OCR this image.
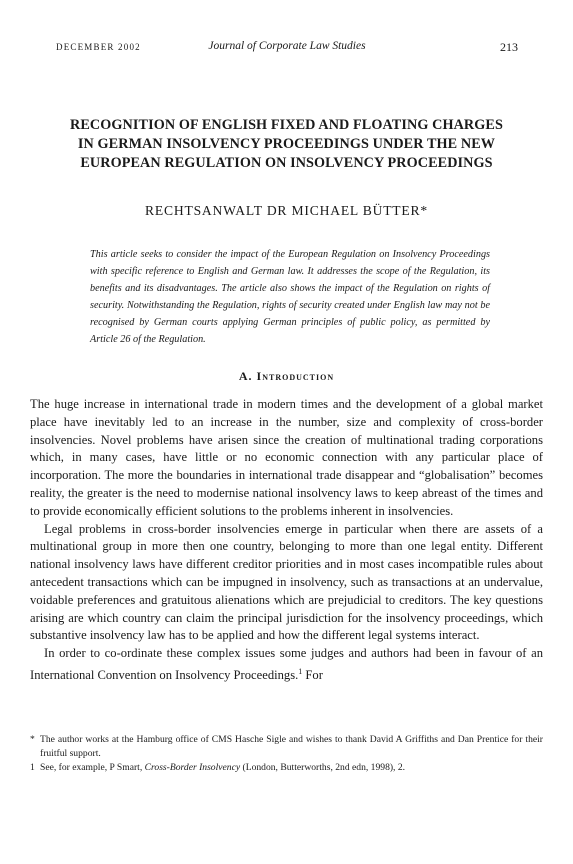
DECEMBER 2002	Journal of Corporate Law Studies	213
RECOGNITION OF ENGLISH FIXED AND FLOATING CHARGES
IN GERMAN INSOLVENCY PROCEEDINGS UNDER THE NEW
EUROPEAN REGULATION ON INSOLVENCY PROCEEDINGS
RECHTSANWALT DR MICHAEL BÜTTER*
This article seeks to consider the impact of the European Regulation on Insolvency Proceedings with specific reference to English and German law. It addresses the scope of the Regulation, its benefits and its disadvantages. The article also shows the impact of the Regulation on rights of security. Notwithstanding the Regulation, rights of security created under English law may not be recognised by German courts applying German principles of public policy, as permitted by Article 26 of the Regulation.
A. Introduction

The huge increase in international trade in modern times and the development of a global market place have inevitably led to an increase in the number, size and complexity of cross-border insolvencies. Novel problems have arisen since the creation of multinational trading corporations which, in many cases, have little or no economic connection with any particular place of incorporation. The more the boundaries in international trade disappear and “globalisation” becomes reality, the greater is the need to modernise national insolvency laws to keep abreast of the times and to provide economically efficient solutions to the problems inherent in insolvencies.

Legal problems in cross-border insolvencies emerge in particular when there are assets of a multinational group in more then one country, belonging to more than one legal entity. Different national insolvency laws have different creditor priorities and in most cases incompatible rules about antecedent transactions which can be impugned in insolvency, such as transactions at an undervalue, voidable preferences and gratuitous alienations which are prejudicial to creditors. The key questions arising are which country can claim the principal jurisdiction for the insolvency proceedings, which substantive insolvency law has to be applied and how the different legal systems interact.

In order to co-ordinate these complex issues some judges and authors had been in favour of an International Convention on Insolvency Proceedings.$^1$ For

* The author works at the Hamburg office of CMS Hasche Sigle and wishes to thank David A Griffiths and Dan Prentice for their fruitful support.

1 See, for example, P Smart, Cross-Border Insolvency (London, Butterworths, 2nd edn, 1998), 2.
